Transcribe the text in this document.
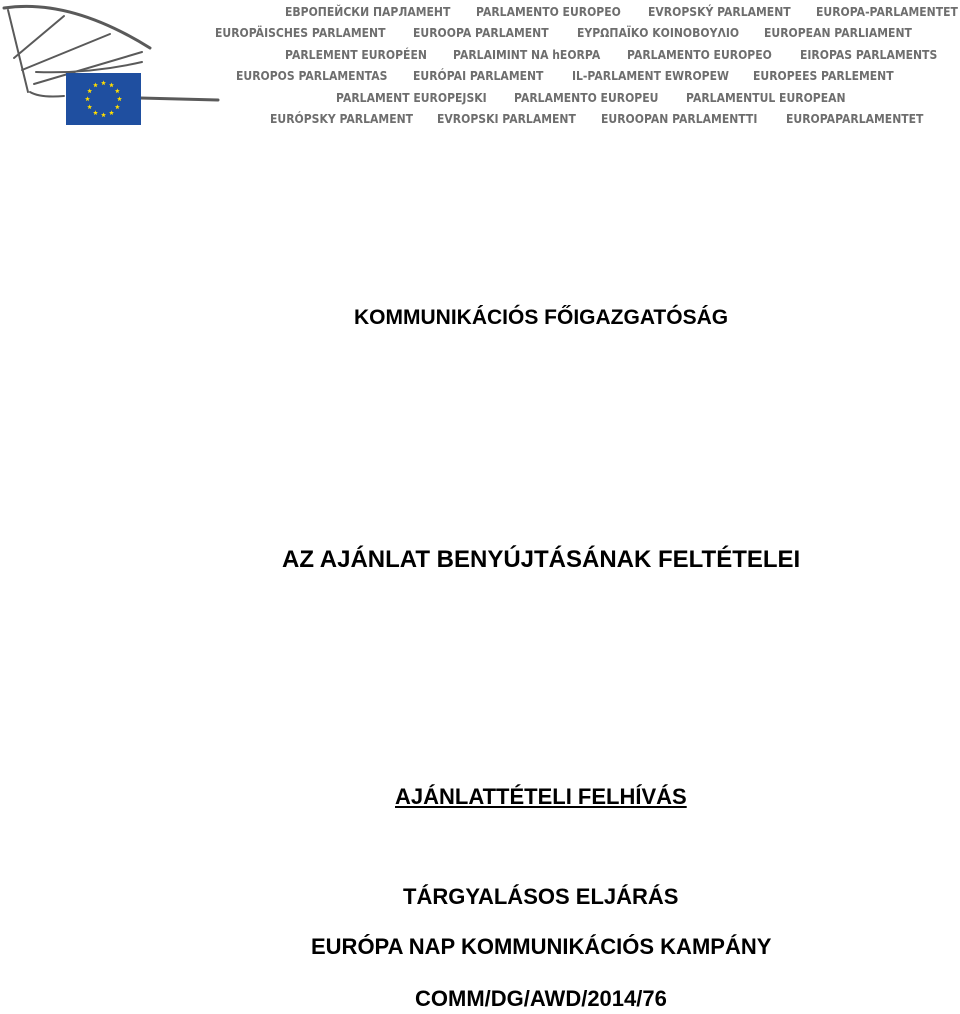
ЕВРОПЕЙСКИ ПАРЛАМЕНТ PARLAMENTO EUROPEO EVROPSKÝ PARLAMENT EUROPA-PARLAMENTET
EUROPÄISCHES PARLAMENT EUROOPA PARLAMENT ΕΥΡΩΠΑΪΚΟ ΚΟΙΝΟΒΟΥΛΙΟ EUROPEAN PARLIAMENT
PARLEMENT EUROPÉEN PARLAIMINT NA hEORPA PARLAMENTO EUROPEO EIROPAS PARLAMENTS
EUROPOS PARLAMENTAS EURÓPAI PARLAMENT IL-PARLAMENT EWROPEW EUROPEES PARLEMENT
PARLAMENT EUROPEJSKI PARLAMENTO EUROPEU PARLAMENTUL EUROPEAN
EURÓPSKY PARLAMENT EVROPSKI PARLAMENT EUROOPAN PARLAMENTTI EUROPAPARLAMENTET
KOMMUNIKÁCIÓS FŐIGAZGATÓSÁG
AZ AJÁNLAT BENYÚJTÁSÁNAK FELTÉTELEI
AJÁNLATTÉTELI FELHÍVÁS
TÁRGYALÁSOS ELJÁRÁS
EURÓPA NAP KOMMUNIKÁCIÓS KAMPÁNY
COMM/DG/AWD/2014/76
